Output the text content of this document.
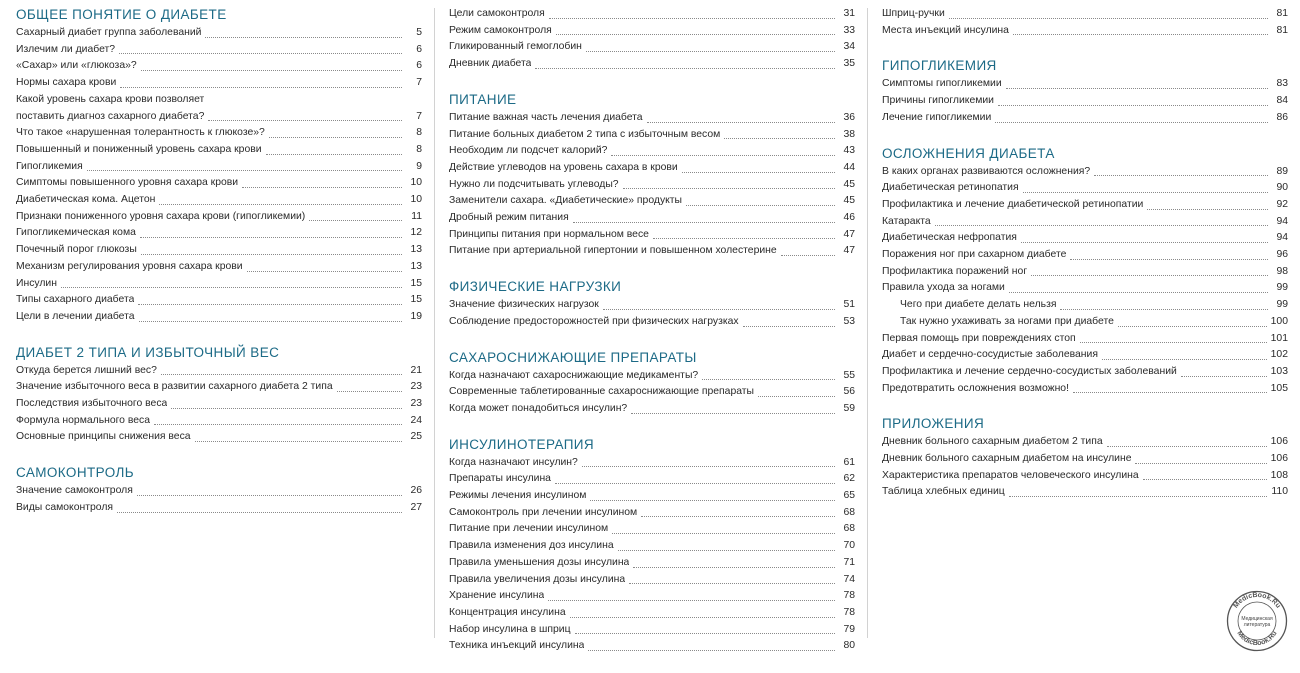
ОБЩЕЕ ПОНЯТИЕ О ДИАБЕТЕ
Сахарный диабет группа заболеваний	5
Излечим ли диабет?	6
«Сахар» или «глюкоза»?	6
Нормы сахара крови	7
Какой уровень сахара крови позволяет
поставить диагноз сахарного диабета?	7
Что такое «нарушенная толерантность к глюкозе»?	8
Повышенный и пониженный уровень сахара крови	8
Гипогликемия	9
Симптомы повышенного уровня сахара крови	10
Диабетическая кома. Ацетон	10
Признаки пониженного уровня сахара крови (гипогликемии)	11
Гипогликемическая кома	12
Почечный порог глюкозы	13
Механизм регулирования уровня сахара крови	13
Инсулин	15
Типы сахарного диабета	15
Цели в лечении диабета	19
ДИАБЕТ 2 ТИПА И ИЗБЫТОЧНЫЙ ВЕС
Откуда берется лишний вес?	21
Значение избыточного веса в развитии сахарного диабета 2 типа	23
Последствия избыточного веса	23
Формула нормального веса	24
Основные принципы снижения веса	25
САМОКОНТРОЛЬ
Значение самоконтроля	26
Виды самоконтроля	27
Цели самоконтроля	31
Режим самоконтроля	33
Гликированный гемоглобин	34
Дневник диабета	35
ПИТАНИЕ
Питание важная часть лечения диабета	36
Питание больных диабетом 2 типа с избыточным весом	38
Необходим ли подсчет калорий?	43
Действие углеводов на уровень сахара в крови	44
Нужно ли подсчитывать углеводы?	45
Заменители сахара. «Диабетические» продукты	45
Дробный режим питания	46
Принципы питания при нормальном весе	47
Питание при артериальной гипертонии и повышенном холестерине	47
ФИЗИЧЕСКИЕ НАГРУЗКИ
Значение физических нагрузок	51
Соблюдение предосторожностей при физических нагрузках	53
САХАРОСНИЖАЮЩИЕ ПРЕПАРАТЫ
Когда назначают сахароснижающие медикаменты?	55
Современные таблетированные сахароснижающие препараты	56
Когда может понадобиться инсулин?	59
ИНСУЛИНОТЕРАПИЯ
Когда назначают инсулин?	61
Препараты инсулина	62
Режимы лечения инсулином	65
Самоконтроль при лечении инсулином	68
Питание при лечении инсулином	68
Правила изменения доз инсулина	70
Правила уменьшения дозы инсулина	71
Правила увеличения дозы инсулина	74
Хранение инсулина	78
Концентрация инсулина	78
Набор инсулина в шприц	79
Техника инъекций инсулина	80
Шприц-ручки	81
Места инъекций инсулина	81
ГИПОГЛИКЕМИЯ
Симптомы гипогликемии	83
Причины гипогликемии	84
Лечение гипогликемии	86
ОСЛОЖНЕНИЯ ДИАБЕТА
В каких органах развиваются осложнения?	89
Диабетическая ретинопатия	90
Профилактика и лечение диабетической ретинопатии	92
Катаракта	94
Диабетическая нефропатия	94
Поражения ног при сахарном диабете	96
Профилактика поражений ног	98
Правила ухода за ногами	99
Чего при диабете делать нельзя	99
Так нужно ухаживать за ногами при диабете	100
Первая помощь при повреждениях стоп	101
Диабет и сердечно-сосудистые заболевания	102
Профилактика и лечение сердечно-сосудистых заболеваний	103
Предотвратить осложнения возможно!	105
ПРИЛОЖЕНИЯ
Дневник больного сахарным диабетом 2 типа	106
Дневник больного сахарным диабетом на инсулине	106
Характеристика препаратов человеческого инсулина	108
Таблица хлебных единиц	110
MedicBook.Ru
MedicBook.Ru
Медицинская
литература
